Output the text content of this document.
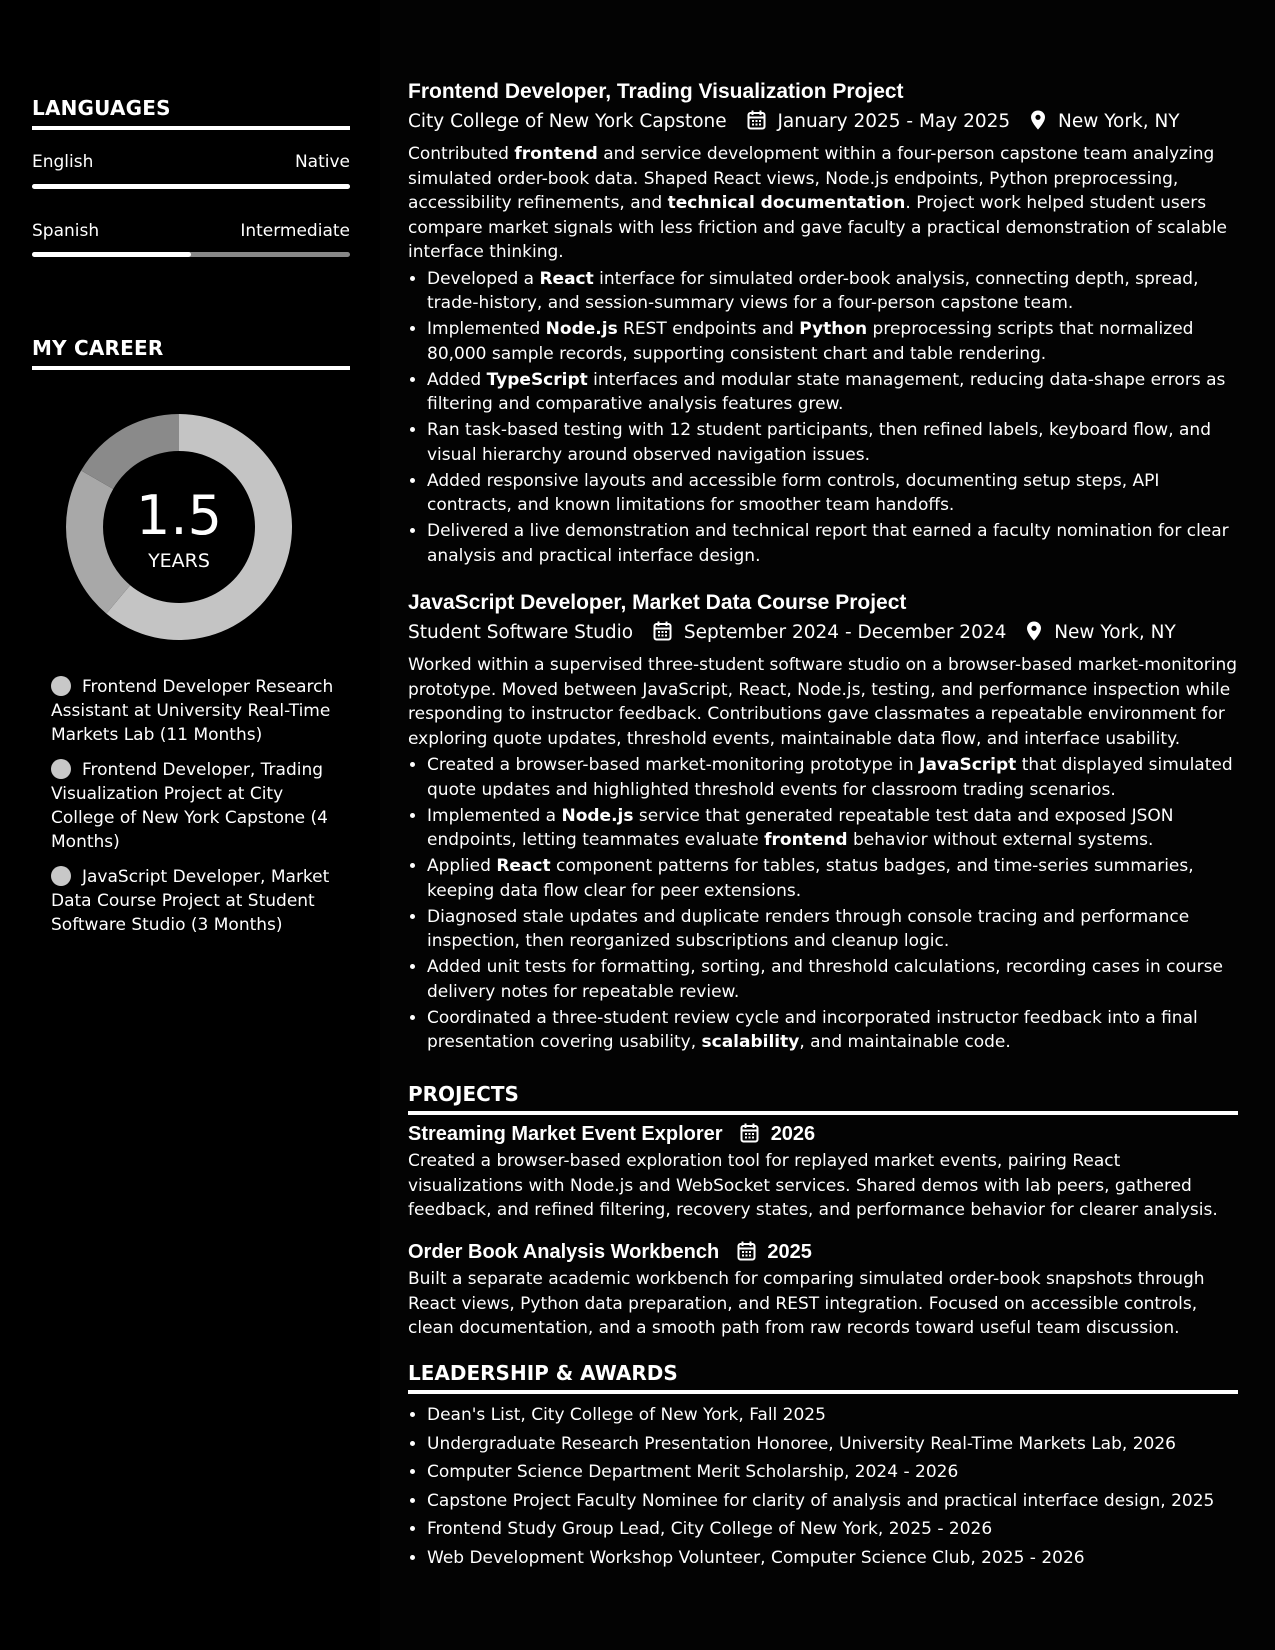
LANGUAGES
English	Native
Spanish	Intermediate
MY CAREER
1.5
YEARS
Frontend Developer Research Assistant at University Real-Time Markets Lab (11 Months)
Frontend Developer, Trading Visualization Project at City College of New York Capstone (4 Months)
JavaScript Developer, Market Data Course Project at Student Software Studio (3 Months)
Frontend Developer, Trading Visualization Project
City College of New York Capstone	January 2025 - May 2025	New York, NY
Contributed frontend and service development within a four-person capstone team analyzing simulated order-book data. Shaped React views, Node.js endpoints, Python preprocessing, accessibility refinements, and technical documentation. Project work helped student users compare market signals with less friction and gave faculty a practical demonstration of scalable interface thinking.
• Developed a React interface for simulated order-book analysis, connecting depth, spread, trade-history, and session-summary views for a four-person capstone team.
• Implemented Node.js REST endpoints and Python preprocessing scripts that normalized 80,000 sample records, supporting consistent chart and table rendering.
• Added TypeScript interfaces and modular state management, reducing data-shape errors as filtering and comparative analysis features grew.
• Ran task-based testing with 12 student participants, then refined labels, keyboard flow, and visual hierarchy around observed navigation issues.
• Added responsive layouts and accessible form controls, documenting setup steps, API contracts, and known limitations for smoother team handoffs.
• Delivered a live demonstration and technical report that earned a faculty nomination for clear analysis and practical interface design.
JavaScript Developer, Market Data Course Project
Student Software Studio	September 2024 - December 2024	New York, NY
Worked within a supervised three-student software studio on a browser-based market-monitoring prototype. Moved between JavaScript, React, Node.js, testing, and performance inspection while responding to instructor feedback. Contributions gave classmates a repeatable environment for exploring quote updates, threshold events, maintainable data flow, and interface usability.
• Created a browser-based market-monitoring prototype in JavaScript that displayed simulated quote updates and highlighted threshold events for classroom trading scenarios.
• Implemented a Node.js service that generated repeatable test data and exposed JSON endpoints, letting teammates evaluate frontend behavior without external systems.
• Applied React component patterns for tables, status badges, and time-series summaries, keeping data flow clear for peer extensions.
• Diagnosed stale updates and duplicate renders through console tracing and performance inspection, then reorganized subscriptions and cleanup logic.
• Added unit tests for formatting, sorting, and threshold calculations, recording cases in course delivery notes for repeatable review.
• Coordinated a three-student review cycle and incorporated instructor feedback into a final presentation covering usability, scalability, and maintainable code.
PROJECTS
Streaming Market Event Explorer 2026
Created a browser-based exploration tool for replayed market events, pairing React visualizations with Node.js and WebSocket services. Shared demos with lab peers, gathered feedback, and refined filtering, recovery states, and performance behavior for clearer analysis.
Order Book Analysis Workbench 2025
Built a separate academic workbench for comparing simulated order-book snapshots through React views, Python data preparation, and REST integration. Focused on accessible controls, clean documentation, and a smooth path from raw records toward useful team discussion.
LEADERSHIP & AWARDS
• Dean's List, City College of New York, Fall 2025
• Undergraduate Research Presentation Honoree, University Real-Time Markets Lab, 2026
• Computer Science Department Merit Scholarship, 2024 - 2026
• Capstone Project Faculty Nominee for clarity of analysis and practical interface design, 2025
• Frontend Study Group Lead, City College of New York, 2025 - 2026
• Web Development Workshop Volunteer, Computer Science Club, 2025 - 2026
